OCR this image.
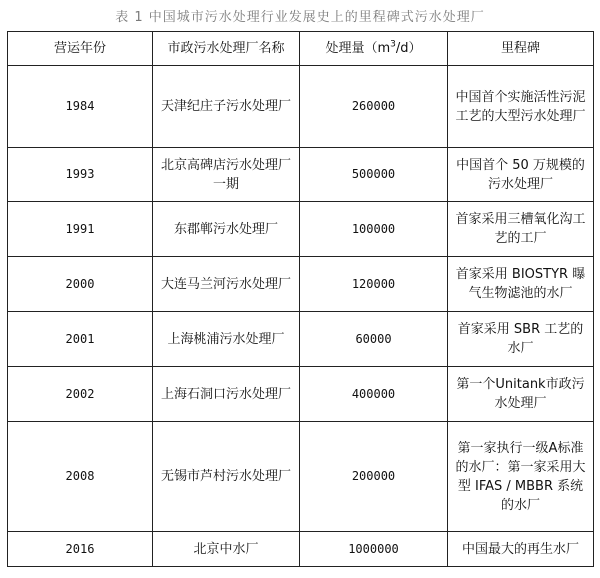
表 1 中国城市污水处理行业发展史上的里程碑式污水处理厂
营运年份	市政污水处理厂名称	处理量$(m^3/d)$	里程碑
1984	天津纪庄子污水处理厂	260000	中国首个实施活性污泥工艺的大型污水处理厂
1993	北京高碑店污水处理厂一期	500000	中国首个 50 万规模的污水处理厂
1991	东郡郸污水处理厂	100000	首家采用三槽氧化沟工艺的工厂
2000	大连马兰河污水处理厂	120000	首家采用 BIOSTYR 曝气生物滤池的水厂
2001	上海桃浦污水处理厂	60000	首家采用 SBR 工艺的水厂
2002	上海石洞口污水处理厂	400000	第一个Unitank市政污水处理厂
2008	无锡市芦村污水处理厂	200000	第一家执行一级A标准的水厂：第一家采用大型 IFAS / MBBR 系统的水厂
2016	北京中水厂	1000000	中国最大的再生水厂
